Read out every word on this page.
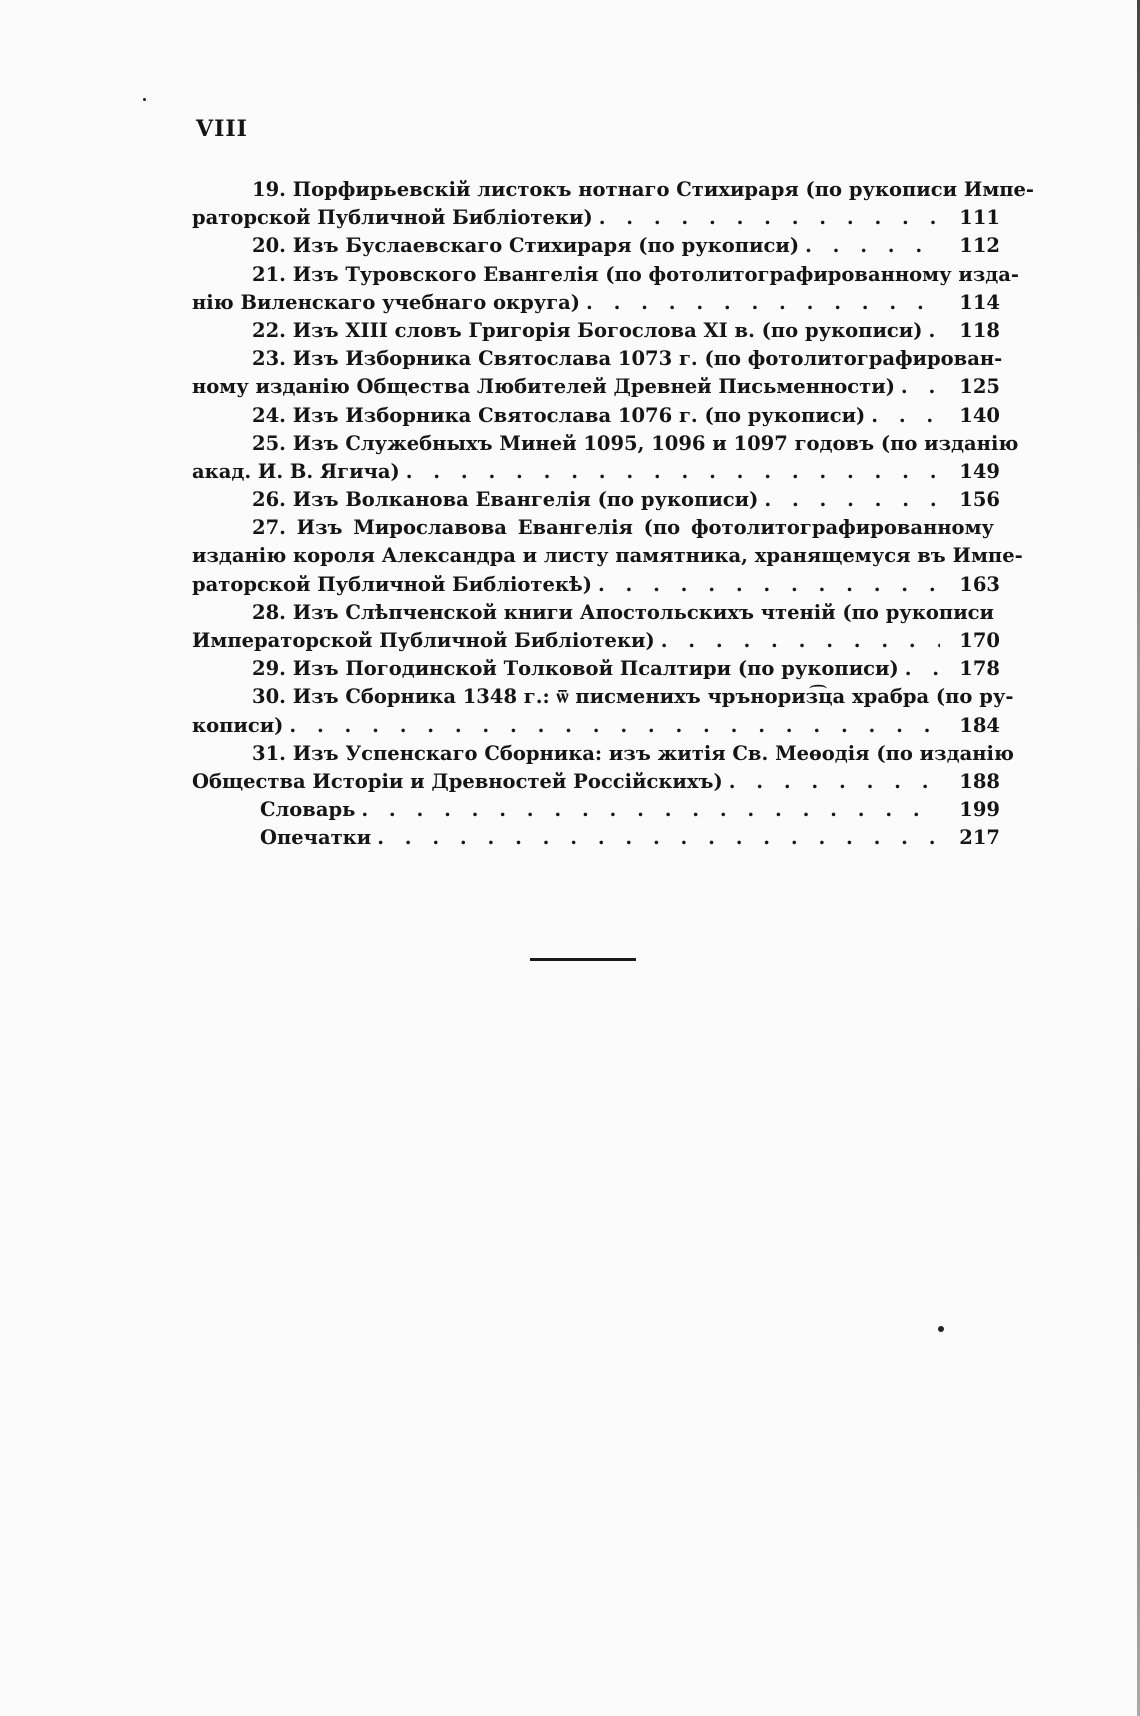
VIII
19. Порфирьевскій листокъ нотнаго Стихираря (по рукописи Импе-
раторской Публичной Библіотеки) . . .	111
20. Изъ Буслаевскаго Стихираря (по рукописи) . . .	112
21. Изъ Туровского Евангелія (по фотолитографированному изда-
нію Виленскаго учебнаго округа) . . .	114
22. Изъ XIII словъ Григорія Богослова XI в. (по рукописи) . . .	118
23. Изъ Изборника Святослава 1073 г. (по фотолитографирован-
ному изданію Общества Любителей Древней Письменности) . . .	125
24. Изъ Изборника Святослава 1076 г. (по рукописи) . . .	140
25. Изъ Служебныхъ Миней 1095, 1096 и 1097 годовъ (по изданію
акад. И. В. Ягича) . . .	149
26. Изъ Волканова Евангелія (по рукописи) . . .	156
27. Изъ Мирославова Евангелія (по фотолитографированному
изданію короля Александра и листу памятника, хранящемуся въ Импе-
раторской Публичной Библіотекѣ) . . .	163
28. Изъ Слѣпченской книги Апостольскихъ чтеній (по рукописи
Императорской Публичной Библіотеки) . . .	170
29. Изъ Погодинской Толковой Псалтири (по рукописи) . . .	178
30. Изъ Сборника 1348 г.: ѿ писменихъ чрънориз͡ца храбра (по ру-
кописи) . . .	184
31. Изъ Успенскаго Сборника: изъ житія Св. Меѳодія (по изданію
Общества Исторіи и Древностей Россійскихъ) . . .	188
Словарь . . .	199
Опечатки . . .	217
